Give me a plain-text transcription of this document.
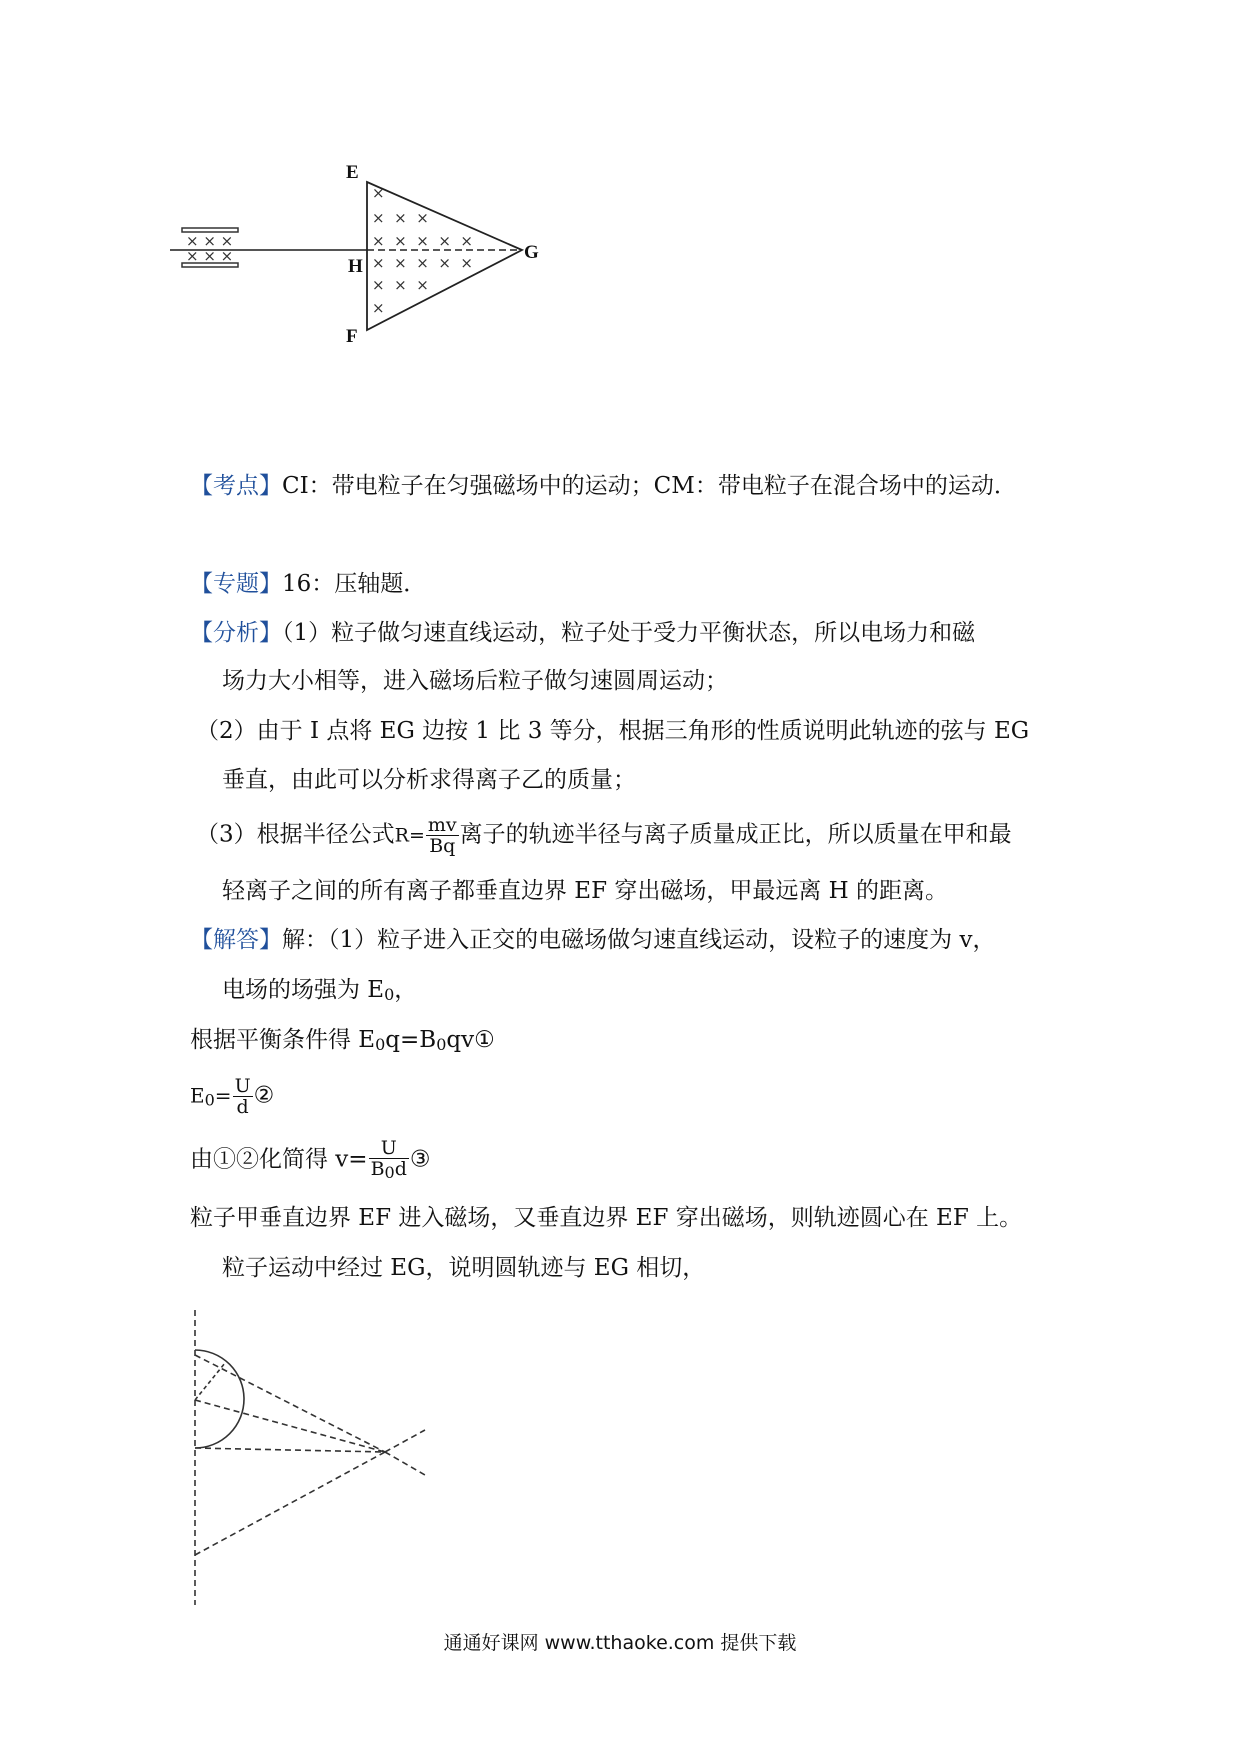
× × ×
× × ×
×
×  ×  ×
×  ×  ×  ×  ×
×  ×  ×  ×  ×
×  ×  ×
×
E
H
F
G
【考点】CI：带电粒子在匀强磁场中的运动；CM：带电粒子在混合场中的运动．
【专题】16：压轴题．
【分析】（1）粒子做匀速直线运动，粒子处于受力平衡状态，所以电场力和磁
场力大小相等，进入磁场后粒子做匀速圆周运动；
（2）由于 I 点将 EG 边按 1 比 3 等分，根据三角形的性质说明此轨迹的弦与 EG
垂直，由此可以分析求得离子乙的质量；
（3）根据半径公式$R= \frac{mv}{Bq}$ 离子的轨迹半径与离子质量成正比，所以质量在甲和最
轻离子之间的所有离子都垂直边界 EF 穿出磁场，甲最远离 H 的距离。
【解答】解：（1）粒子进入正交的电磁场做匀速直线运动，设粒子的速度为 v，
电场的场强为 E0，
根据平衡条件得 E0q=B0qv①
$E0= \frac{U}{d}$ ②
由①②化简得 $v= \frac{U}{B0d}$ ③
粒子甲垂直边界 EF 进入磁场，又垂直边界 EF 穿出磁场，则轨迹圆心在 EF 上。
粒子运动中经过 EG，说明圆轨迹与 EG 相切，
通通好课网 www.tthaoke.com 提供下载
